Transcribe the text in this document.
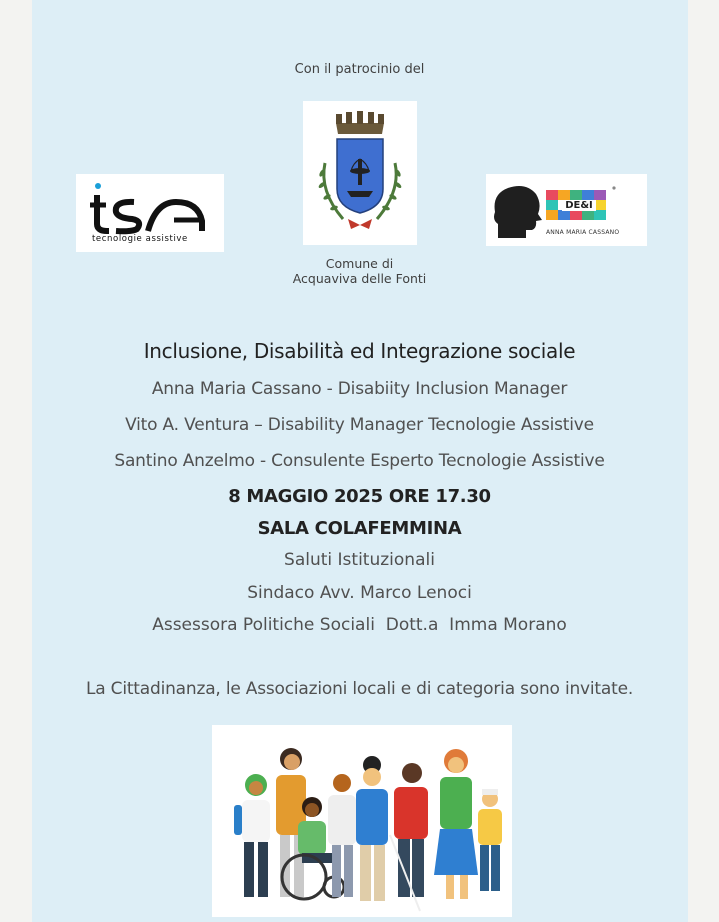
Con il patrocinio del
tecnologie assistive
DE&I
ANNA MARIA CASSANO
Comune di
Acquaviva delle Fonti
Inclusione, Disabilità ed Integrazione sociale
Anna Maria Cassano - Disabiity Inclusion Manager
Vito A. Ventura – Disability Manager Tecnologie Assistive
Santino Anzelmo - Consulente Esperto Tecnologie Assistive
8 MAGGIO 2025 ORE 17.30
SALA COLAFEMMINA
Saluti Istituzionali
Sindaco Avv. Marco Lenoci
Assessora Politiche Sociali  Dott.a  Imma Morano
La Cittadinanza, le Associazioni locali e di categoria sono invitate.
